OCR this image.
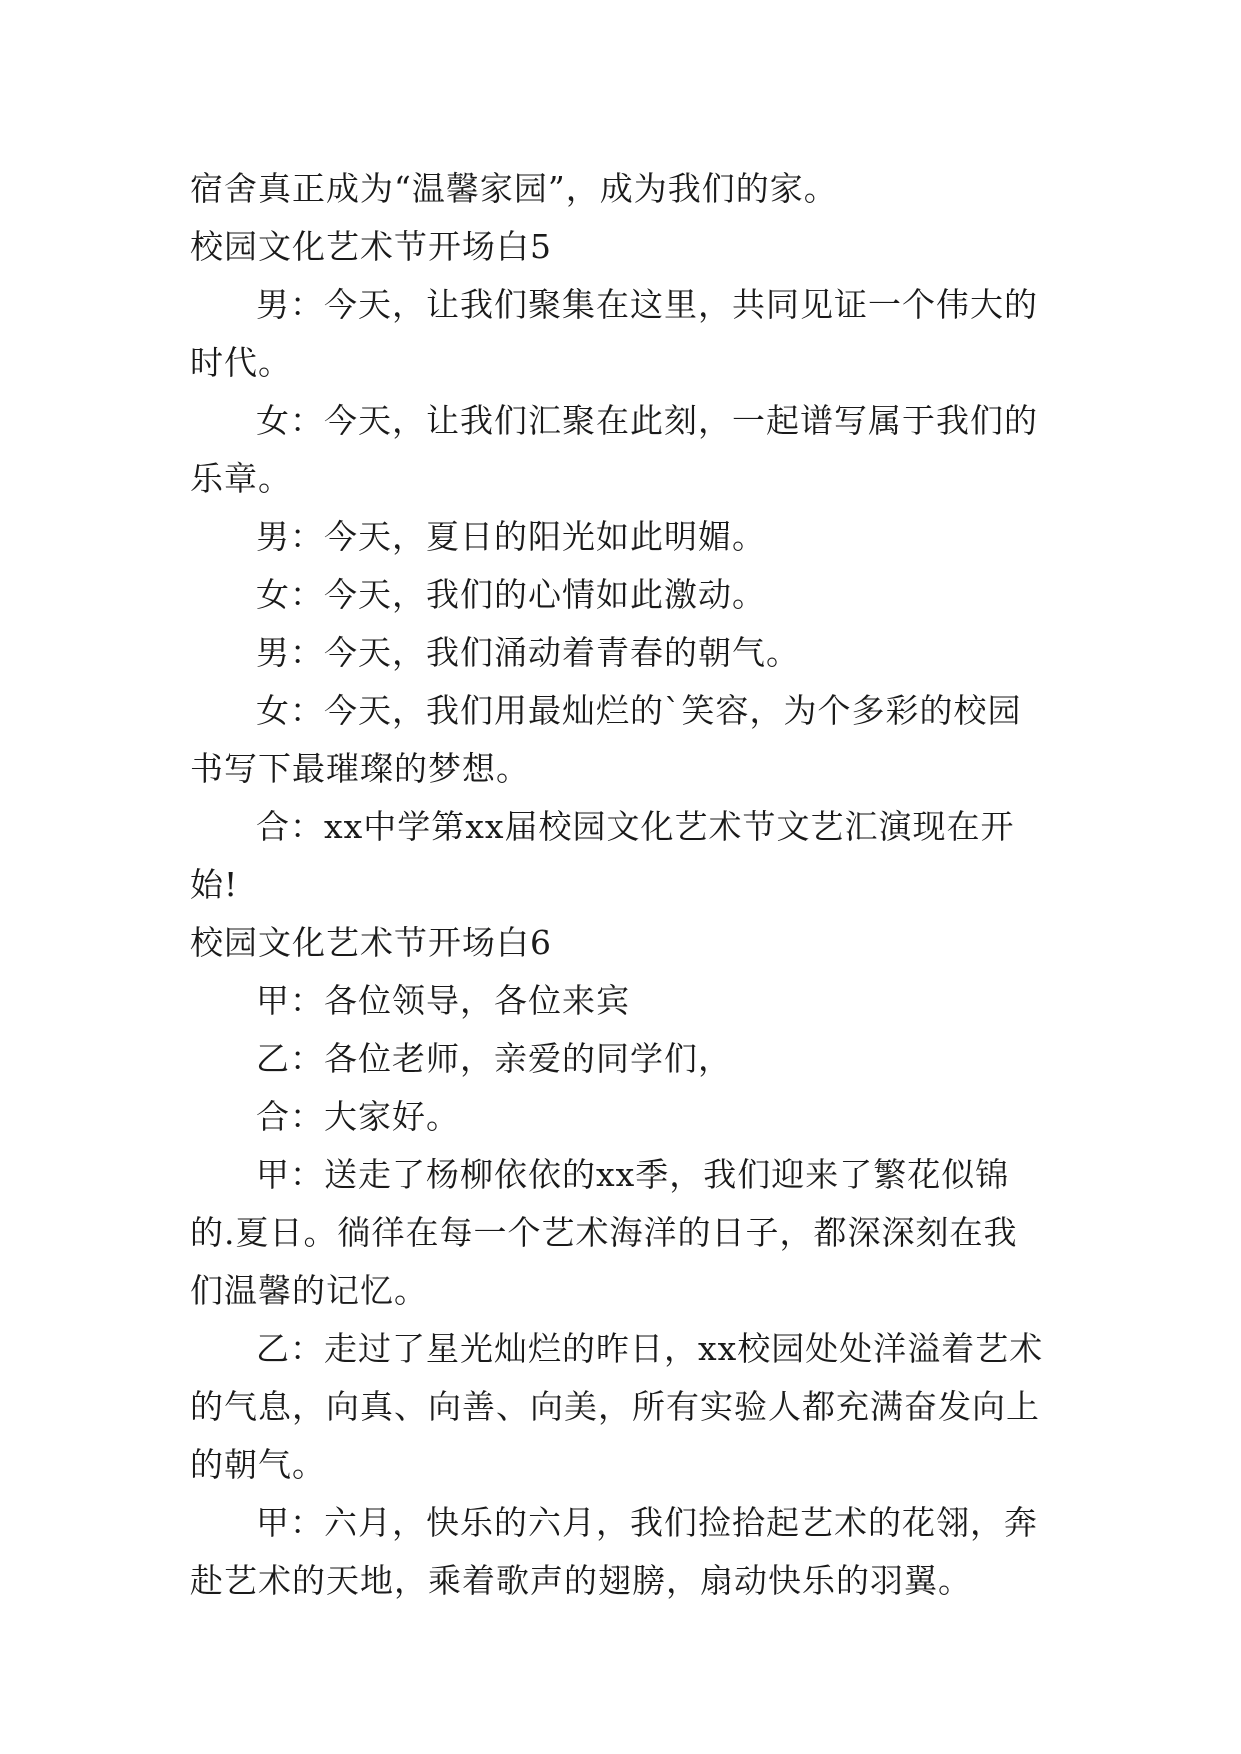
宿舍真正成为“温馨家园”，成为我们的家。

校园文化艺术节开场白5

男：今天，让我们聚集在这里，共同见证一个伟大的时代。

女：今天，让我们汇聚在此刻，一起谱写属于我们的乐章。

男：今天，夏日的阳光如此明媚。

女：今天，我们的心情如此激动。

男：今天，我们涌动着青春的朝气。

女：今天，我们用最灿烂的`笑容，为个多彩的校园书写下最璀璨的梦想。

合：xx中学第xx届校园文化艺术节文艺汇演现在开始!

校园文化艺术节开场白6

甲：各位领导，各位来宾

乙：各位老师，亲爱的同学们，

合：大家好。

甲：送走了杨柳依依的xx季，我们迎来了繁花似锦的.夏日。徜徉在每一个艺术海洋的日子，都深深刻在我们温馨的记忆。

乙：走过了星光灿烂的昨日，xx校园处处洋溢着艺术的气息，向真、向善、向美，所有实验人都充满奋发向上的朝气。

甲：六月，快乐的六月，我们捡拾起艺术的花翎，奔赴艺术的天地，乘着歌声的翅膀，扇动快乐的羽翼。
